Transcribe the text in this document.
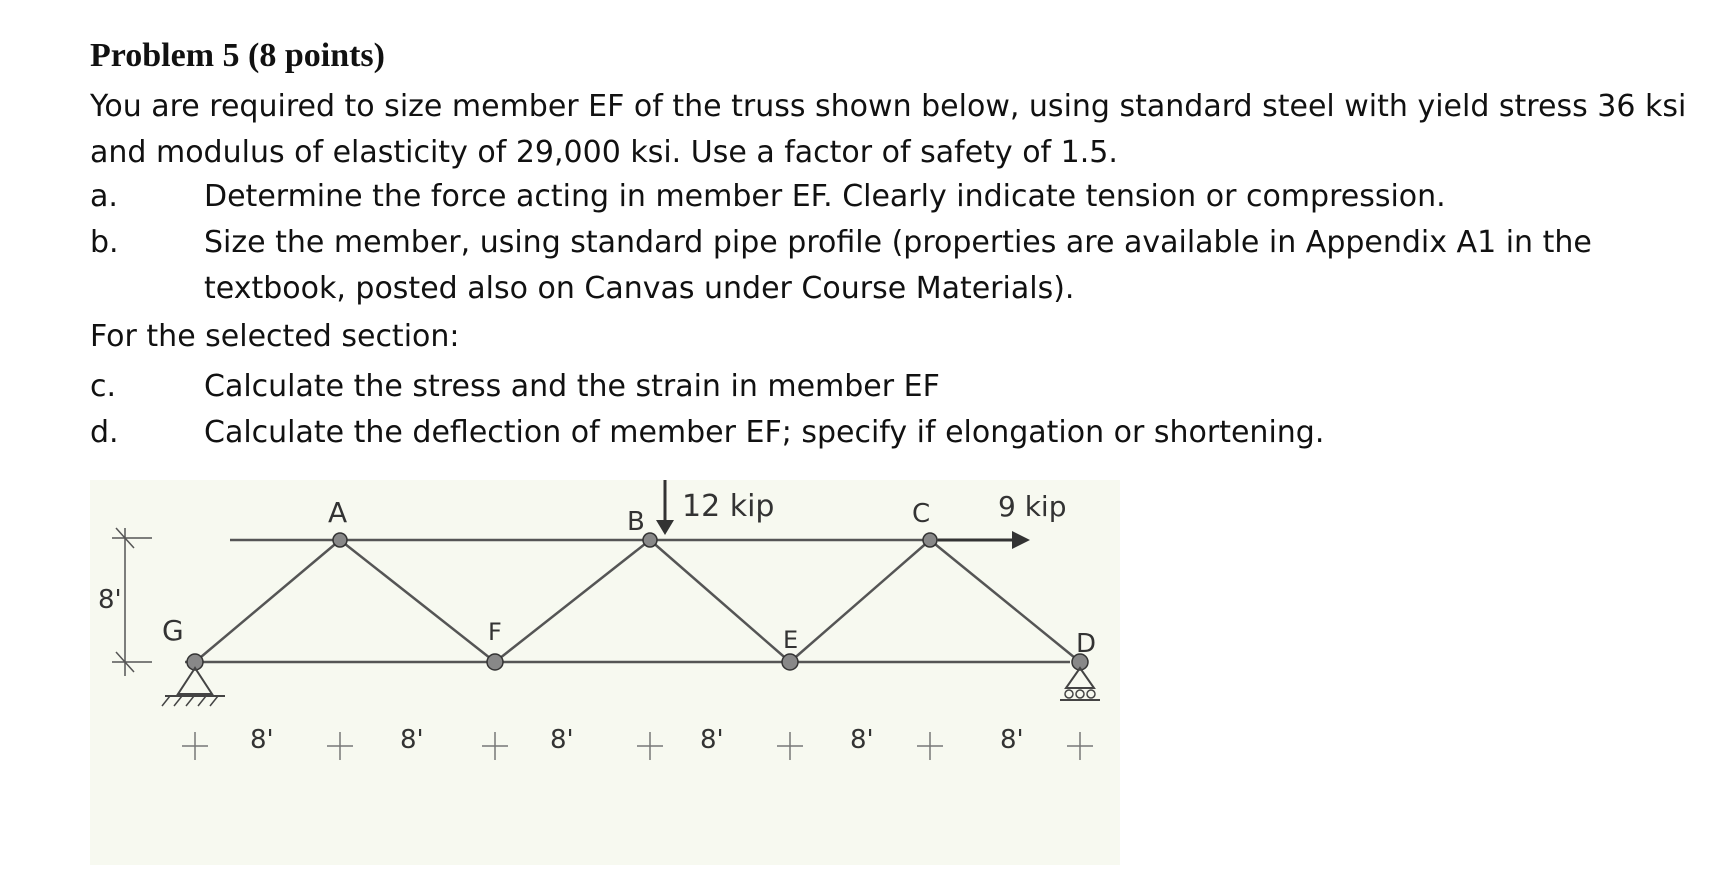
Problem 5 (8 points)

You are required to size member EF of the truss shown below, using standard steel with yield stress 36 ksi and modulus of elasticity of 29,000 ksi. Use a factor of safety of 1.5.

a.	Determine the force acting in member EF. Clearly indicate tension or compression.
b.	Size the member, using standard pipe profile (properties are available in Appendix A1 in the textbook, posted also on Canvas under Course Materials).
For the selected section:
c.	Calculate the stress and the strain in member EF
d.	Calculate the deflection of member EF; specify if elongation or shortening.
12 kip	9 kip
A	B	C
D
E
F
G
8'
8'	8'	8'	8'	8'	8'
